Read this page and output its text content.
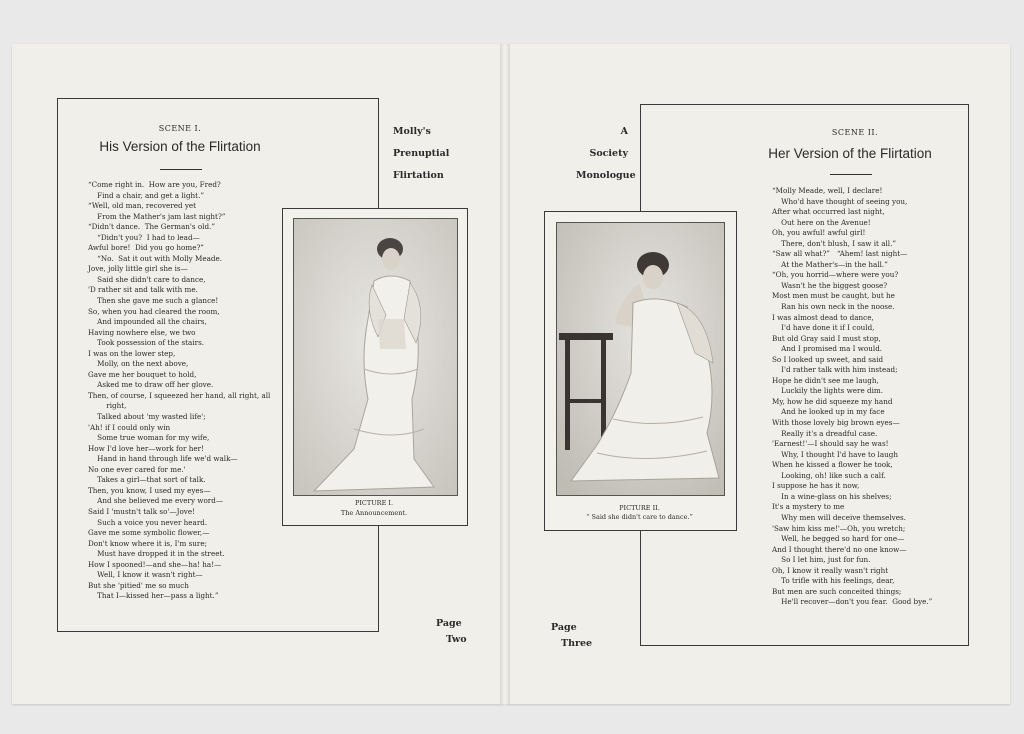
SCENE I.
His Version of the Flirtation
“Come right in.  How are you, Fred?
Find a chair, and get a light.”
“Well, old man, recovered yet
From the Mather's jam last night?”
“Didn't dance.  The German's old.”
“Didn't you?  I had to lead—
Awful bore!  Did you go home?”
“No.  Sat it out with Molly Meade.
Jove, jolly little girl she is—
Said she didn't care to dance,
'D rather sit and talk with me.
Then she gave me such a glance!
So, when you had cleared the room,
And impounded all the chairs,
Having nowhere else, we two
Took possession of the stairs.
I was on the lower step,
Molly, on the next above,
Gave me her bouquet to hold,
Asked me to draw off her glove.
Then, of course, I squeezed her hand, all right, all
right,
Talked about 'my wasted life';
'Ah! if I could only win
Some true woman for my wife,
How I'd love her—work for her!
Hand in hand through life we'd walk—
No one ever cared for me.'
Takes a girl—that sort of talk.
Then, you know, I used my eyes—
And she believed me every word—
Said I 'mustn't talk so'—Jove!
Such a voice you never heard.
Gave me some symbolic flower,—
Don't know where it is, I'm sure;
Must have dropped it in the street.
How I spooned!—and she—ha! ha!—
Well, I know it wasn't right—
But she 'pitied' me so much
That I—kissed her—pass a light.”
Molly's
Prenuptial
Flirtation
PICTURE I.
The Announcement.
Page
Two
SCENE II.
Her Version of the Flirtation
“Molly Meade, well, I declare!
Who'd have thought of seeing you,
After what occurred last night,
Out here on the Avenue!
Oh, you awful! awful girl!
There, don't blush, I saw it all.”
“Saw all what?”   “Ahem! last night—
At the Mather's—in the hall.”
“Oh, you horrid—where were you?
Wasn't he the biggest goose?
Most men must be caught, but he
Ran his own neck in the noose.
I was almost dead to dance,
I'd have done it if I could,
But old Gray said I must stop,
And I promised ma I would.
So I looked up sweet, and said
I'd rather talk with him instead;
Hope he didn't see me laugh,
Luckily the lights were dim.
My, how he did squeeze my hand
And he looked up in my face
With those lovely big brown eyes—
Really it's a dreadful case.
'Earnest!'—I should say he was!
Why, I thought I'd have to laugh
When he kissed a flower he took,
Looking, oh! like such a calf.
I suppose he has it now,
In a wine-glass on his shelves;
It's a mystery to me
Why men will deceive themselves.
'Saw him kiss me!'—Oh, you wretch;
Well, he begged so hard for one—
And I thought there'd no one know—
So I let him, just for fun.
Oh, I know it really wasn't right
To trifle with his feelings, dear,
But men are such conceited things;
He'll recover—don't you fear.  Good bye.”
A
Society
Monologue
PICTURE II.
“ Said she didn't care to dance.”
Page
Three
